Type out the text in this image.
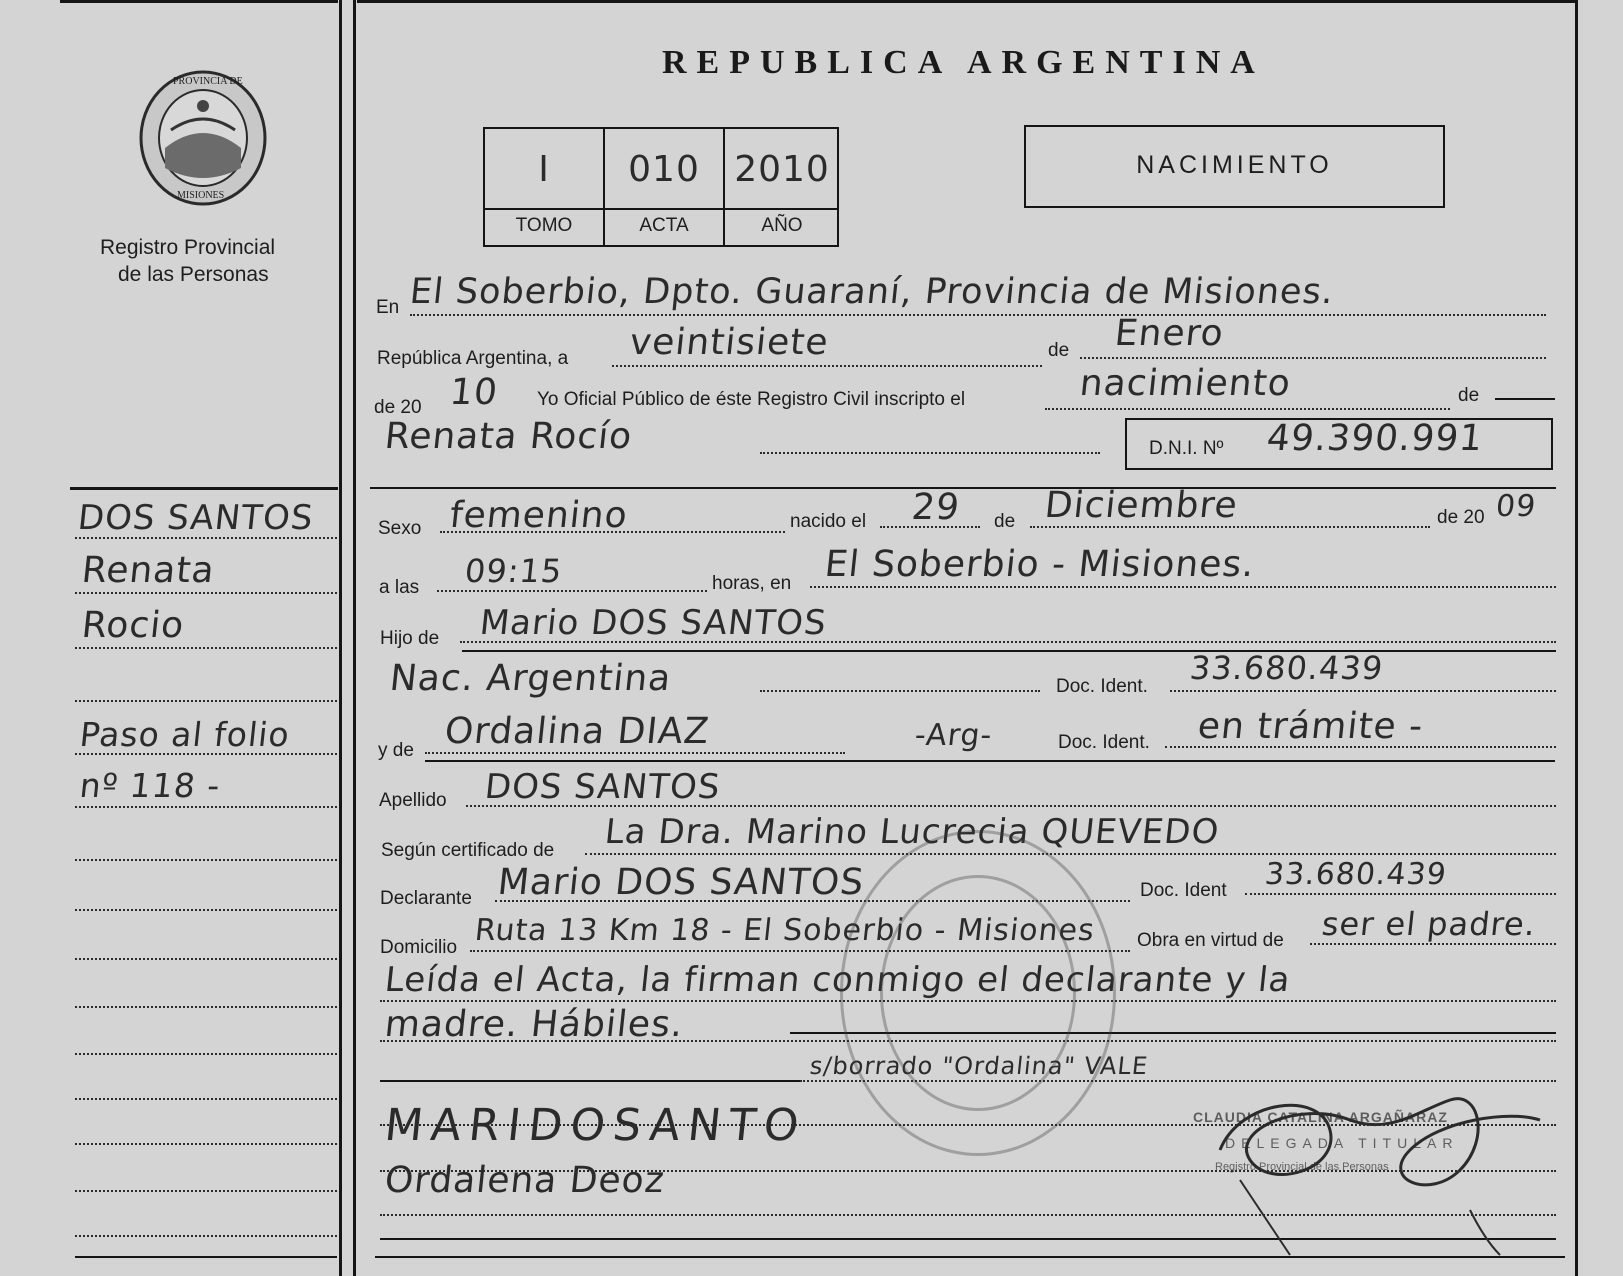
PROVINCIA DE
MISIONES
Registro Provincial
de las Personas
REPUBLICA ARGENTINA
I	010 2010
TOMO	ACTA	AÑO
NACIMIENTO
DOS SANTOS
Renata
Rocio
Paso al folio
nº 118 -
En El Soberbio, Dpto. Guaraní, Provincia de Misiones.
República Argentina, a veintisiete	de Enero
de 20 10 Yo Oficial Público de éste Registro Civil inscripto el	nacimiento	de
Renata Rocío	D.N.I. Nº 49.390.991
Sexo femenino	nacido el 29 de Diciembre	de 20 09
a las 09:15	horas, en El Soberbio - Misiones.
Hijo de Mario DOS SANTOS
Nac. Argentina	Doc. Ident. 33.680.439
y de Ordalina DIAZ	-Arg-	Doc. Ident. en trámite -
Apellido DOS SANTOS
Según certificado de La Dra. Marino Lucrecia QUEVEDO
Declarante Mario DOS SANTOS	Doc. Ident 33.680.439
Domicilio Ruta 13 Km 18 - El Soberbio - Misiones Obra en virtud de ser el padre.
Leída el Acta, la firman conmigo el declarante y la
madre. Hábiles.
s/borrado "Ordalina" VALE
MARIDOSANTO
Ordalena Deoz
CLAUDIA CATALINA ARGAÑARAZ
DELEGADA TITULAR
Registro Provincial de las Personas
